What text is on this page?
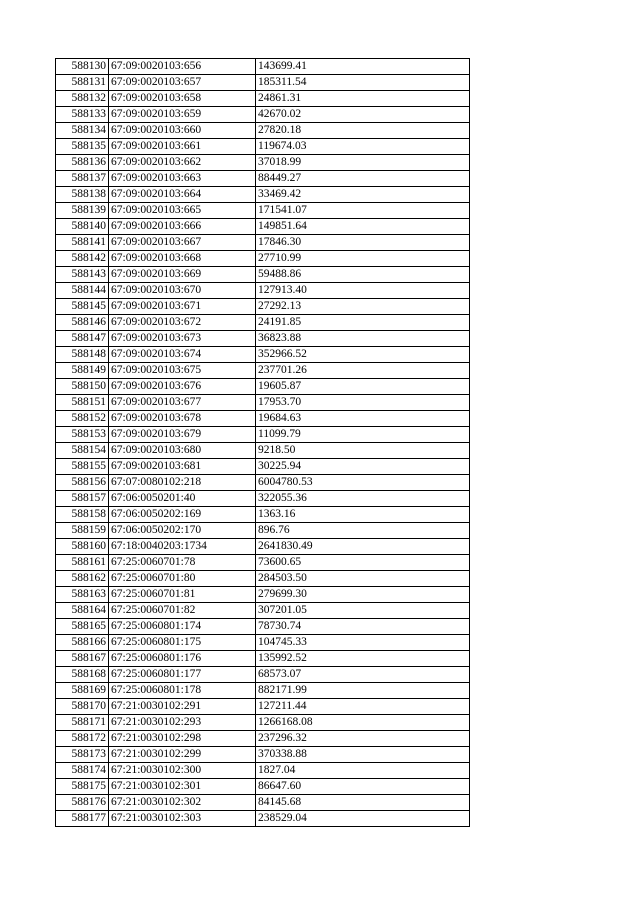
588130	67:09:0020103:656	143699.41
588131	67:09:0020103:657	185311.54
588132	67:09:0020103:658	24861.31
588133	67:09:0020103:659	42670.02
588134	67:09:0020103:660	27820.18
588135	67:09:0020103:661	119674.03
588136	67:09:0020103:662	37018.99
588137	67:09:0020103:663	88449.27
588138	67:09:0020103:664	33469.42
588139	67:09:0020103:665	171541.07
588140	67:09:0020103:666	149851.64
588141	67:09:0020103:667	17846.30
588142	67:09:0020103:668	27710.99
588143	67:09:0020103:669	59488.86
588144	67:09:0020103:670	127913.40
588145	67:09:0020103:671	27292.13
588146	67:09:0020103:672	24191.85
588147	67:09:0020103:673	36823.88
588148	67:09:0020103:674	352966.52
588149	67:09:0020103:675	237701.26
588150	67:09:0020103:676	19605.87
588151	67:09:0020103:677	17953.70
588152	67:09:0020103:678	19684.63
588153	67:09:0020103:679	11099.79
588154	67:09:0020103:680	9218.50
588155	67:09:0020103:681	30225.94
588156	67:07:0080102:218	6004780.53
588157	67:06:0050201:40	322055.36
588158	67:06:0050202:169	1363.16
588159	67:06:0050202:170	896.76
588160	67:18:0040203:1734	2641830.49
588161	67:25:0060701:78	73600.65
588162	67:25:0060701:80	284503.50
588163	67:25:0060701:81	279699.30
588164	67:25:0060701:82	307201.05
588165	67:25:0060801:174	78730.74
588166	67:25:0060801:175	104745.33
588167	67:25:0060801:176	135992.52
588168	67:25:0060801:177	68573.07
588169	67:25:0060801:178	882171.99
588170	67:21:0030102:291	127211.44
588171	67:21:0030102:293	1266168.08
588172	67:21:0030102:298	237296.32
588173	67:21:0030102:299	370338.88
588174	67:21:0030102:300	1827.04
588175	67:21:0030102:301	86647.60
588176	67:21:0030102:302	84145.68
588177	67:21:0030102:303	238529.04
